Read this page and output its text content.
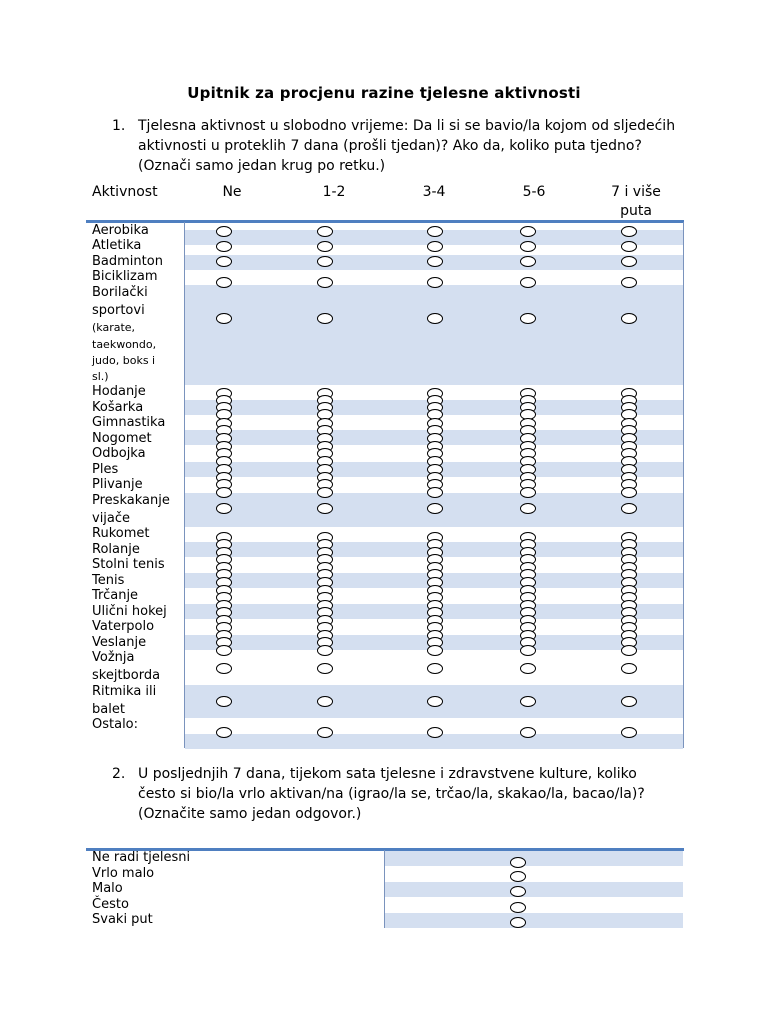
Upitnik za procjenu razine tjelesne aktivnosti
1. Tjelesna aktivnost u slobodno vrijeme: Da li si se bavio/la kojom od sljedećih aktivnosti u proteklih 7 dana (prošli tjedan)? Ako da, koliko puta tjedno? (Označi samo jedan krug po retku.)
Aktivnost	Ne	1-2	3-4	5-6	7 i više
puta
Aerobika
Atletika
Badminton
Biciklizam
Borilački
sportovi
(karate,
taekwondo,
judo, boks i
sl.)
Hodanje
Košarka
Gimnastika
Nogomet
Odbojka
Ples
Plivanje
Preskakanje
vijače
Rukomet
Rolanje
Stolni tenis
Tenis
Trčanje
Ulični hokej
Vaterpolo
Veslanje
Vožnja
skejtborda
Ritmika ili
balet
Ostalo:
2. U posljednjih 7 dana, tijekom sata tjelesne i zdravstvene kulture, koliko često si bio/la vrlo aktivan/na (igrao/la se, trčao/la, skakao/la, bacao/la)? (Označite samo jedan odgovor.)
Ne radi tjelesni
Vrlo malo
Malo
Često
Svaki put
